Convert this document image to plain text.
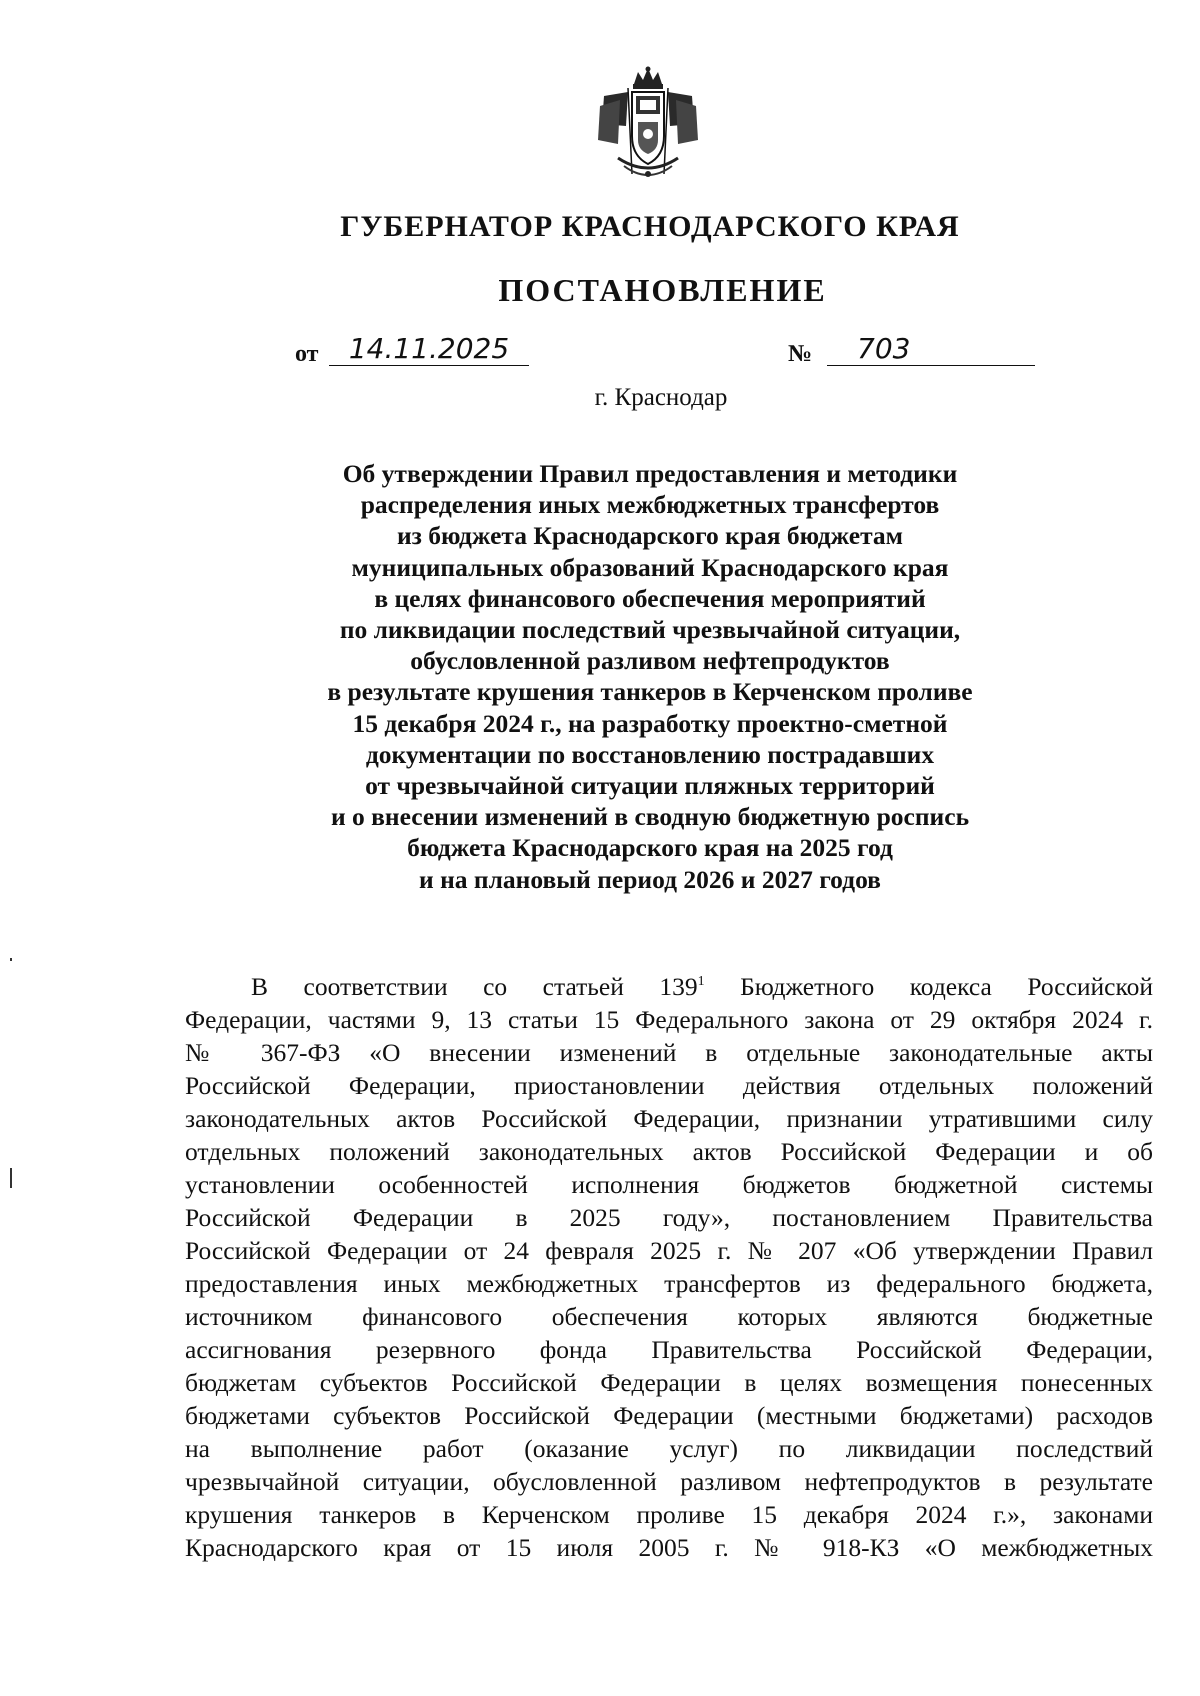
ГУБЕРНАТОР КРАСНОДАРСКОГО КРАЯ
ПОСТАНОВЛЕНИЕ
от	14.11.2025	№	703

г. Краснодар

Об утверждении Правил предоставления и методики
распределения иных межбюджетных трансфертов
из бюджета Краснодарского края бюджетам
муниципальных образований Краснодарского края
в целях финансового обеспечения мероприятий
по ликвидации последствий чрезвычайной ситуации,
обусловленной разливом нефтепродуктов
в результате крушения танкеров в Керченском проливе
15 декабря 2024 г., на разработку проектно-сметной
документации по восстановлению пострадавших
от чрезвычайной ситуации пляжных территорий
и о внесении изменений в сводную бюджетную роспись
бюджета Краснодарского края на 2025 год
и на плановый период 2026 и 2027 годов
В соответствии со статьей $139^1$ Бюджетного кодекса Российской
Федерации, частями 9, 13 статьи 15 Федерального закона от 29 октября 2024 г.
№ 367-ФЗ «О внесении изменений в отдельные законодательные акты
Российской Федерации, приостановлении действия отдельных положений
законодательных актов Российской Федерации, признании утратившими силу
отдельных положений законодательных актов Российской Федерации и об
установлении особенностей исполнения бюджетов бюджетной системы
Российской Федерации в 2025 году», постановлением Правительства
Российской Федерации от 24 февраля 2025 г. № 207 «Об утверждении Правил
предоставления иных межбюджетных трансфертов из федерального бюджета,
источником финансового обеспечения которых являются бюджетные
ассигнования резервного фонда Правительства Российской Федерации,
бюджетам субъектов Российской Федерации в целях возмещения понесенных
бюджетами субъектов Российской Федерации (местными бюджетами) расходов
на выполнение работ (оказание услуг) по ликвидации последствий
чрезвычайной ситуации, обусловленной разливом нефтепродуктов в результате
крушения танкеров в Керченском проливе 15 декабря 2024 г.», законами
Краснодарского края от 15 июля 2005 г. № 918-КЗ «О межбюджетных
